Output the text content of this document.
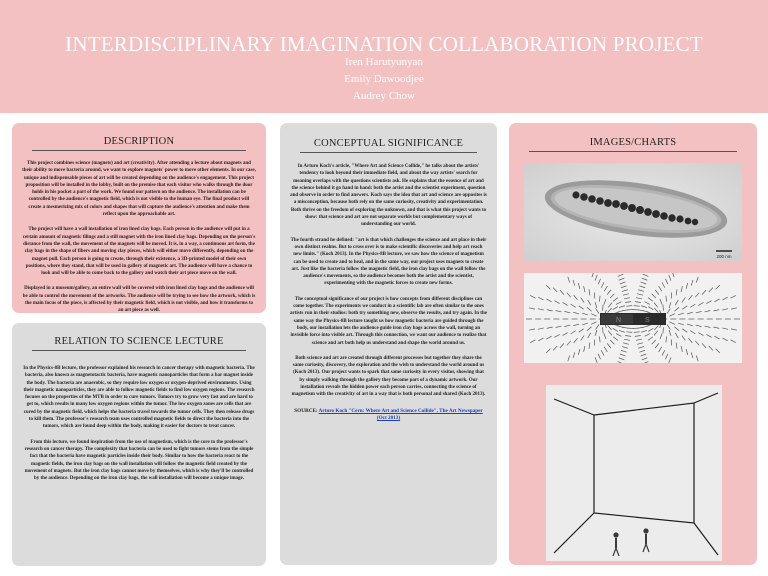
INTERDISCIPLINARY IMAGINATION COLLABORATION PROJECT
Iren Harutyunyan
Emily Dawoodjee
Audrey Chow
DESCRIPTION
This project combines science (magnets) and art (creativity). After attending a lecture about magnets and their ability to move bacteria around, we want to explore magnets' power to move other elements. In our case, unique and indispensable pieces of art will be created depending on the audience's engagement. This project proposition will be installed in the lobby, built on the premise that each visitor who walks through the door holds in his pocket a part of the work. We found our pattern on the audience. The installation can be controlled by the audience's magnetic field, which is not visible to the human eye. The final product will create a mesmerizing mix of colors and shapes that will capture the audience's attention and make them reflect upon the approachable art.
The project will have a wall installation of iron lined clay bags. Each person in the audience will put in a certain amount of magnetic filings and a still magnet with the iron lined clay bags. Depending on the person's distance from the wall, the movement of the magnets will be moved. It is, in a way, a continuous art form, the clay bags in the shape of fibers and moving clay pieces, which will either move differently, depending on the magnet pull. Each person is going to create, through their existence, a 3D-printed model of their own positions, where they stand, that will be used in gallery of magnetic art. The audience will have a chance to look and will be able to come back to the gallery and watch their art piece move on the wall.
Displayed in a museum/gallery, an entire wall will be covered with iron lined clay bags and the audience will be able to control the movement of the artworks. The audience will be trying to see how the artwork, which is the main focus of the piece, is affected by their magnetic field, which is not visible, and how it transforms to an art piece as well.
RELATION TO SCIENCE LECTURE
In the Physics-8B lecture, the professor explained his research in cancer therapy with magnetic bacteria. The bacteria, also known as magnetotactic bacteria, have magnetic nanoparticles that form a bar magnet inside the body. The bacteria are anaerobic, so they require low oxygen or oxygen-deprived environments. Using their magnetic nanoparticles, they are able to follow magnetic fields to find low oxygen regions. The research focuses on the properties of the MTB in order to cure tumors. Tumors try to grow very fast and are hard to get to, which results in many low oxygen regions within the tumor. The low oxygen zones are cells that are cured by the magnetic field, which helps the bacteria travel towards the tumor cells. They then release drugs to kill them. The professor's research team uses controlled magnetic fields to direct the bacteria into the tumors, which are found deep within the body, making it easier for doctors to treat cancer.
From this lecture, we found inspiration from the use of magnetism, which is the core to the professor's research on cancer therapy. The complexity that bacteria can be used to fight tumors stems from the simple fact that the bacteria have magnetic particles inside their body. Similar to how the bacteria react to the magnetic fields, the iron clay bags on the wall installation will follow the magnetic field created by the movement of magnets. But the iron clay bags cannot move by themselves, which is why they'll be controlled by the audience. Depending on the iron clay bags, the wall installation will become a unique image.
CONCEPTUAL SIGNIFICANCE
In Arturo Koch's article, "Where Art and Science Collide," he talks about the artists' tendency to look beyond their immediate field, and about the way artists' search for meaning overlaps with the questions scientists ask. He explains that the essence of art and the science behind it go hand in hand: both the artist and the scientist experiment, question and observe in order to find answers. Koch says the idea that art and science are opposites is a misconception, because both rely on the same curiosity, creativity and experimentation. Both thrive on the freedom of exploring the unknown, and that is what this project wants to show: that science and art are not separate worlds but complementary ways of understanding our world.
The fourth strand he defined: "art is that which challenges the science and art place in their own distinct realms. But to cross over is to make scientific discoveries and help art reach new limits." (Koch 2013). In the Physics-8B lecture, we saw how the science of magnetism can be used to create and to heal, and in the same way, our project uses magnets to create art. Just like the bacteria follow the magnetic field, the iron clay bags on the wall follow the audience's movements, so the audience becomes both the artist and the scientist, experimenting with the magnetic forces to create new forms.
The conceptual significance of our project is how concepts from different disciplines can come together. The experiments we conduct in a scientific lab are often similar to the ones artists run in their studios: both try something new, observe the results, and try again. In the same way the Physics-8B lecture taught us how magnetic bacteria are guided through the body, our installation lets the audience guide iron clay bags across the wall, turning an invisible force into visible art. Through this connection, we want our audience to realize that science and art both help us understand and shape the world around us.
Both science and art are created through different processes but together they share the same curiosity, discovery, the exploration and the wish to understand the world around us (Koch 2013). Our project wants to spark that same curiosity in every visitor, showing that by simply walking through the gallery they become part of a dynamic artwork. Our installation reveals the hidden power each person carries, connecting the science of magnetism with the creativity of art in a way that is both personal and shared (Koch 2013).
SOURCE: Arturo Koch "Cern: Where Art and Science Collide", The Art Newspaper (Oct 2013)
IMAGES/CHARTS
200 nm
N	S
